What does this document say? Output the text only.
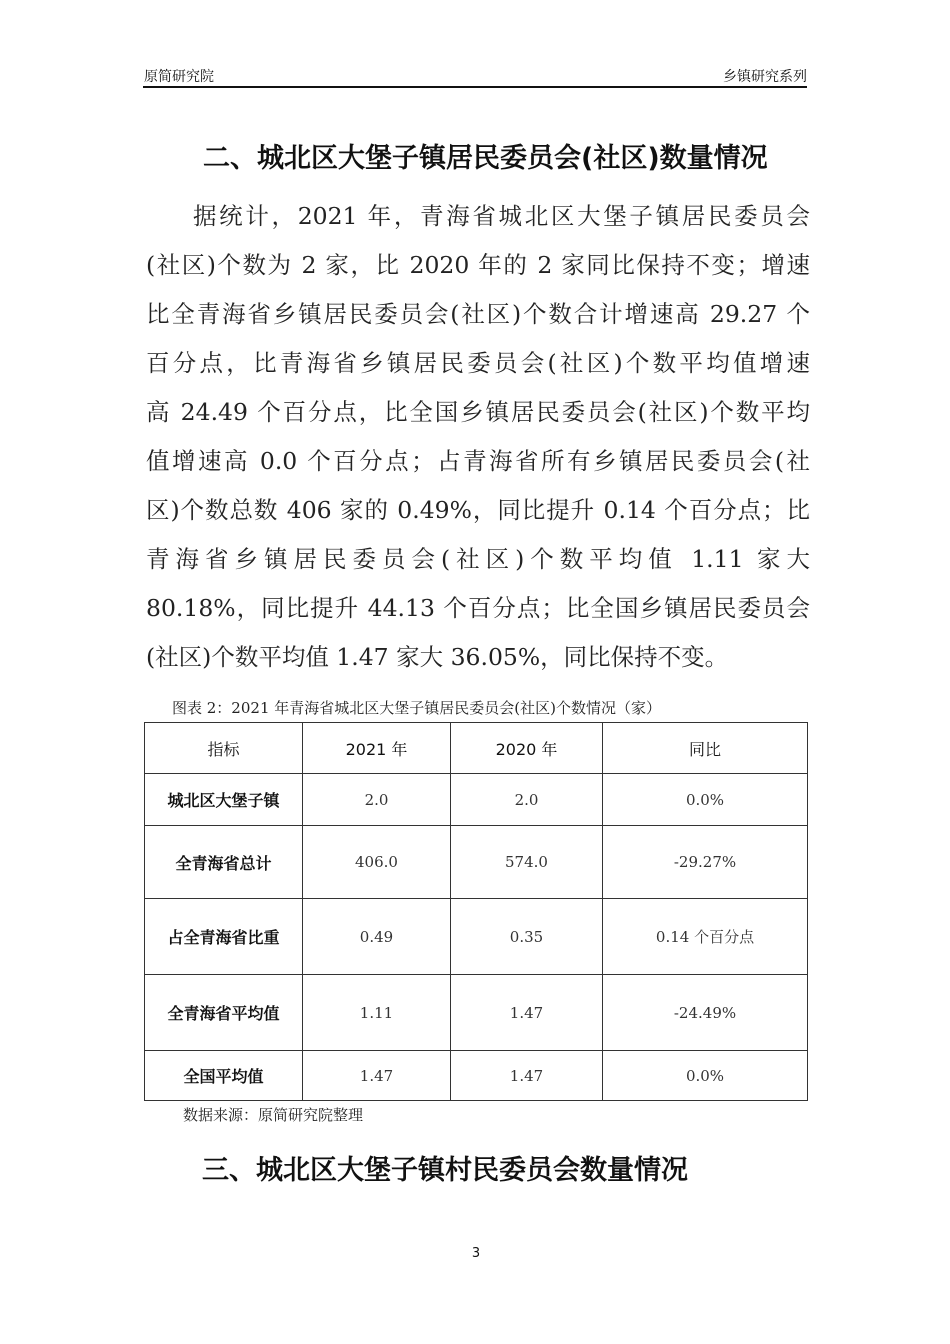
原简研究院	乡镇研究系列
二、城北区大堡子镇居民委员会(社区)数量情况
据统计，2021 年，青海省城北区大堡子镇居民委员会
(社区)个数为 2 家，比 2020 年的 2 家同比保持不变；增速
比全青海省乡镇居民委员会(社区)个数合计增速高 29.27 个
百分点，比青海省乡镇居民委员会(社区)个数平均值增速
高 24.49 个百分点，比全国乡镇居民委员会(社区)个数平均
值增速高 0.0 个百分点；占青海省所有乡镇居民委员会(社
区)个数总数 406 家的 0.49%，同比提升 0.14 个百分点；比
青海省乡镇居民委员会(社区)个数平均值 1.11 家大
80.18%，同比提升 44.13 个百分点；比全国乡镇居民委员会
(社区)个数平均值 1.47 家大 36.05%，同比保持不变。
图表 2：2021 年青海省城北区大堡子镇居民委员会(社区)个数情况（家）
指标	2021 年	2020 年	同比
城北区大堡子镇	2.0	2.0	0.0%
全青海省总计	406.0	574.0	-29.27%
占全青海省比重	0.49	0.35	0.14 个百分点
全青海省平均值	1.11	1.47	-24.49%
全国平均值	1.47	1.47	0.0%
数据来源：原简研究院整理
三、城北区大堡子镇村民委员会数量情况
3
